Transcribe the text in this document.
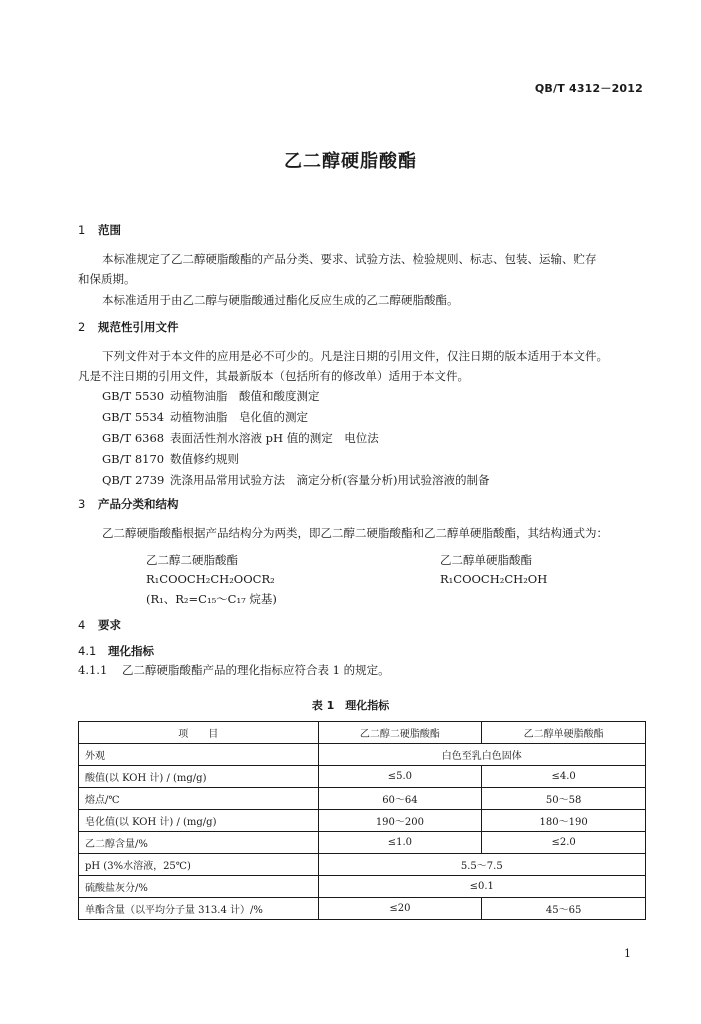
QB/T 4312－2012
乙二醇硬脂酸酯
1 范围
本标准规定了乙二醇硬脂酸酯的产品分类、要求、试验方法、检验规则、标志、包装、运输、贮存
和保质期。
本标准适用于由乙二醇与硬脂酸通过酯化反应生成的乙二醇硬脂酸酯。
2 规范性引用文件
下列文件对于本文件的应用是必不可少的。凡是注日期的引用文件，仅注日期的版本适用于本文件。
凡是不注日期的引用文件，其最新版本（包括所有的修改单）适用于本文件。
GB/T 5530 动植物油脂　酸值和酸度测定
GB/T 5534 动植物油脂　皂化值的测定
GB/T 6368 表面活性剂水溶液 pH 值的测定　电位法
GB/T 8170 数值修约规则
QB/T 2739 洗涤用品常用试验方法　滴定分析(容量分析)用试验溶液的制备
3 产品分类和结构
乙二醇硬脂酸酯根据产品结构分为两类，即乙二醇二硬脂酸酯和乙二醇单硬脂酸酯，其结构通式为：
乙二醇二硬脂酸酯
R₁COOCH₂CH₂OOCR₂
(R₁、R₂=C₁₅～C₁₇ 烷基)
乙二醇单硬脂酸酯
R₁COOCH₂CH₂OH
4 要求
4.1 理化指标
4.1.1 乙二醇硬脂酸酯产品的理化指标应符合表 1 的规定。
表 1　理化指标
项　　目	乙二醇二硬脂酸酯	乙二醇单硬脂酸酯
外观	白色至乳白色固体	
酸值(以 KOH 计) / (mg/g)	≤5.0	≤4.0
熔点/℃	60～64	50～58
皂化值(以 KOH 计) / (mg/g)	190～200	180～190
乙二醇含量/%	≤1.0	≤2.0
pH (3%水溶液，25℃)	5.5～7.5	
硫酸盐灰分/%	≤0.1	
单酯含量（以平均分子量 313.4 计）/%	≤20	45～65
1
